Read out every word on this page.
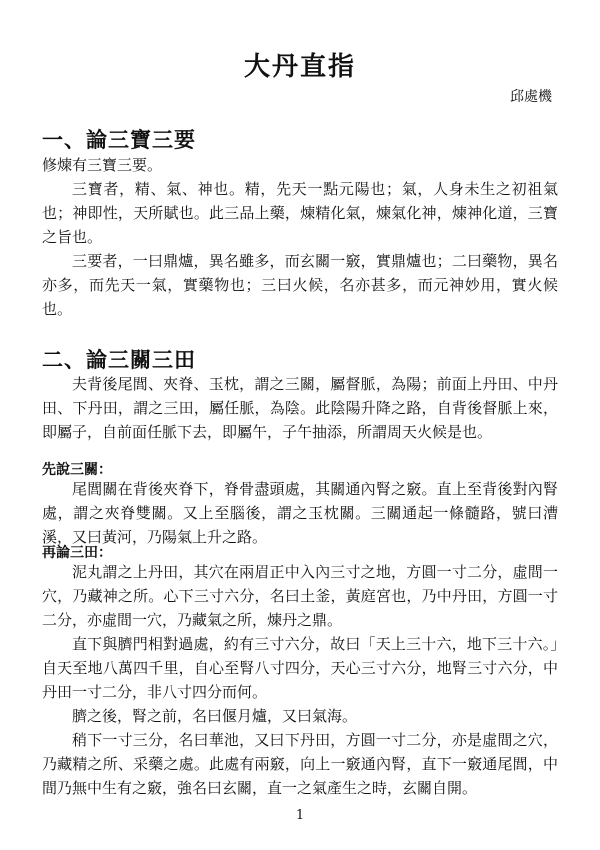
大丹直指
邱處機
一、論三寶三要
修煉有三寶三要。
三寶者，精、氣、神也。精，先天一點元陽也；氣，人身未生之初祖氣也；神即性，天所賦也。此三品上藥，煉精化氣，煉氣化神，煉神化道，三寶之旨也。
三要者，一曰鼎爐，異名雖多，而玄關一竅，實鼎爐也；二曰藥物，異名亦多，而先天一氣，實藥物也；三曰火候，名亦甚多，而元神妙用，實火候也。
二、論三關三田
夫背後尾閭、夾脊、玉枕，謂之三關，屬督脈，為陽；前面上丹田、中丹田、下丹田，謂之三田，屬任脈，為陰。此陰陽升降之路，自背後督脈上來，即屬子，自前面任脈下去，即屬午，子午抽添，所謂周天火候是也。
先說三關：
尾閭關在背後夾脊下，脊骨盡頭處，其關通內腎之竅。直上至背後對內腎處，謂之夾脊雙關。又上至腦後，謂之玉枕關。三關通起一條髓路，號曰漕溪，又曰黃河，乃陽氣上升之路。
再論三田：
泥丸謂之上丹田，其穴在兩眉正中入內三寸之地，方圓一寸二分，虛間一穴，乃藏神之所。心下三寸六分，名曰土釜，黃庭宮也，乃中丹田，方圓一寸二分，亦虛間一穴，乃藏氣之所，煉丹之鼎。
直下與臍門相對過處，約有三寸六分，故曰「天上三十六，地下三十六。」自天至地八萬四千里，自心至腎八寸四分，天心三寸六分，地腎三寸六分，中丹田一寸二分，非八寸四分而何。
臍之後，腎之前，名曰偃月爐，又曰氣海。
稍下一寸三分，名曰華池，又曰下丹田，方圓一寸二分，亦是虛間之穴，乃藏精之所、采藥之處。此處有兩竅，向上一竅通內腎，直下一竅通尾閭，中間乃無中生有之竅，強名曰玄關，直一之氣產生之時，玄關自開。
1
